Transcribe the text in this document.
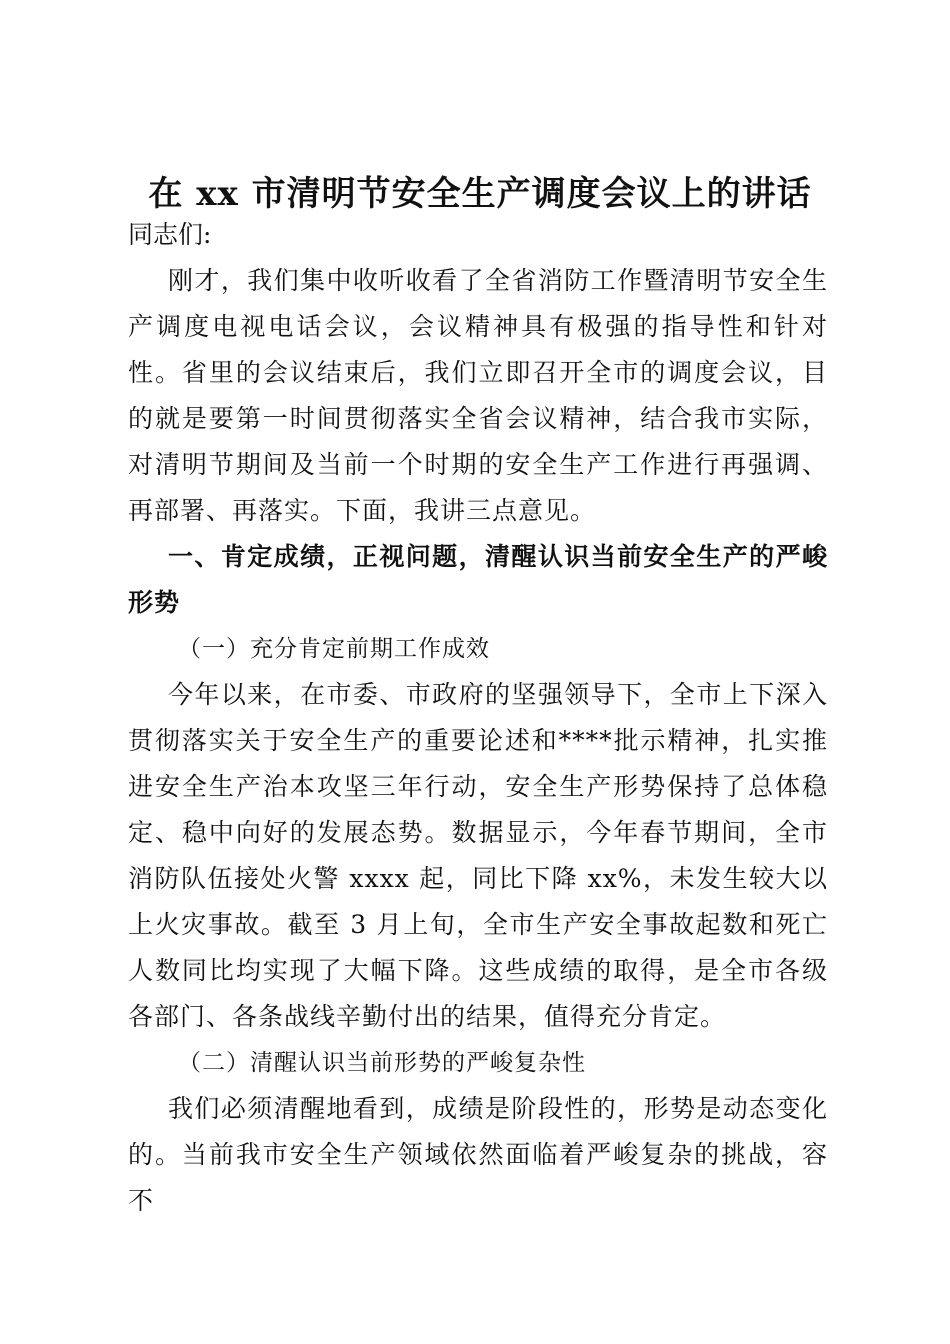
在 xx 市清明节安全生产调度会议上的讲话

同志们:

刚才，我们集中收听收看了全省消防工作暨清明节安全生产调度电视电话会议，会议精神具有极强的指导性和针对性。省里的会议结束后，我们立即召开全市的调度会议，目的就是要第一时间贯彻落实全省会议精神，结合我市实际，对清明节期间及当前一个时期的安全生产工作进行再强调、再部署、再落实。下面，我讲三点意见。

一、肯定成绩，正视问题，清醒认识当前安全生产的严峻形势

（一）充分肯定前期工作成效

今年以来，在市委、市政府的坚强领导下，全市上下深入贯彻落实关于安全生产的重要论述和****批示精神，扎实推进安全生产治本攻坚三年行动，安全生产形势保持了总体稳定、稳中向好的发展态势。数据显示，今年春节期间，全市消防队伍接处火警 xxxx 起，同比下降 xx%，未发生较大以上火灾事故。截至 3 月上旬，全市生产安全事故起数和死亡人数同比均实现了大幅下降。这些成绩的取得，是全市各级各部门、各条战线辛勤付出的结果，值得充分肯定。

（二）清醒认识当前形势的严峻复杂性

我们必须清醒地看到，成绩是阶段性的，形势是动态变化的。当前我市安全生产领域依然面临着严峻复杂的挑战，容不
